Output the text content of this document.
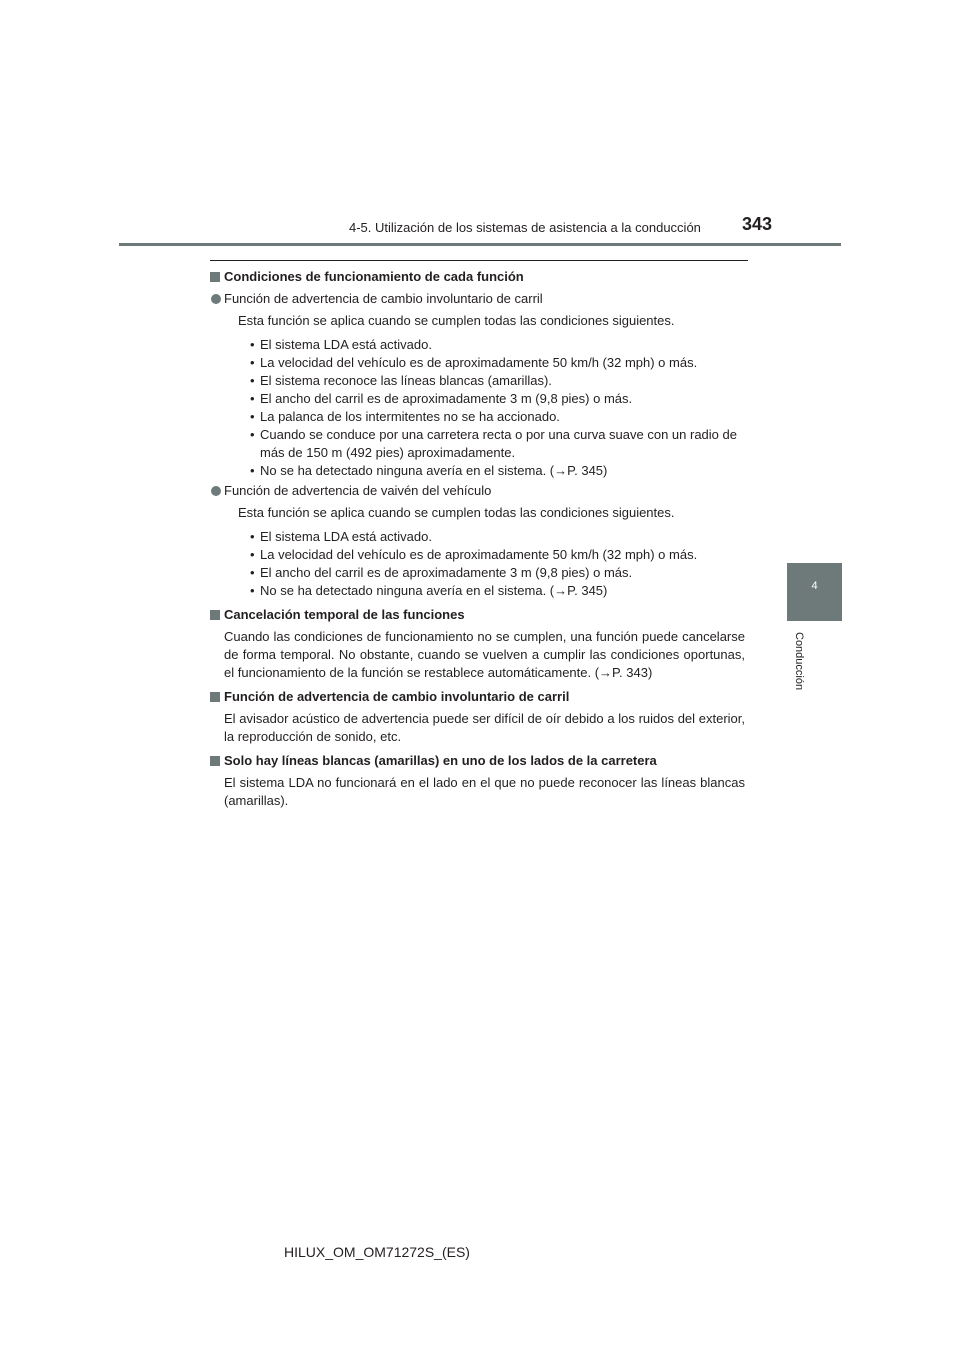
4-5. Utilización de los sistemas de asistencia a la conducción 343
4
Conducción
Condiciones de funcionamiento de cada función
Función de advertencia de cambio involuntario de carril
Esta función se aplica cuando se cumplen todas las condiciones siguientes.
• El sistema LDA está activado.
• La velocidad del vehículo es de aproximadamente 50 km/h (32 mph) o más.
• El sistema reconoce las líneas blancas (amarillas).
• El ancho del carril es de aproximadamente 3 m (9,8 pies) o más.
• La palanca de los intermitentes no se ha accionado.
• Cuando se conduce por una carretera recta o por una curva suave con un radio de más de 150 m (492 pies) aproximadamente.
• No se ha detectado ninguna avería en el sistema. (→P. 345)
Función de advertencia de vaivén del vehículo
Esta función se aplica cuando se cumplen todas las condiciones siguientes.
• El sistema LDA está activado.
• La velocidad del vehículo es de aproximadamente 50 km/h (32 mph) o más.
• El ancho del carril es de aproximadamente 3 m (9,8 pies) o más.
• No se ha detectado ninguna avería en el sistema. (→P. 345)
Cancelación temporal de las funciones
Cuando las condiciones de funcionamiento no se cumplen, una función puede cancelarse de forma temporal. No obstante, cuando se vuelven a cumplir las condiciones oportunas, el funcionamiento de la función se restablece automáticamente. (→P. 343)
Función de advertencia de cambio involuntario de carril
El avisador acústico de advertencia puede ser difícil de oír debido a los ruidos del exterior, la reproducción de sonido, etc.
Solo hay líneas blancas (amarillas) en uno de los lados de la carretera
El sistema LDA no funcionará en el lado en el que no puede reconocer las líneas blancas (amarillas).
HILUX_OM_OM71272S_(ES)
